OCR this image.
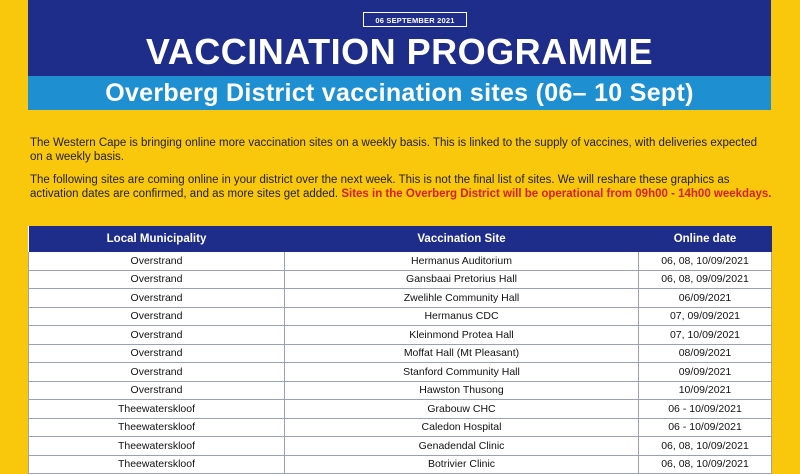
06 SEPTEMBER 2021
VACCINATION PROGRAMME
Overberg District vaccination sites (06– 10 Sept)

The Western Cape is bringing online more vaccination sites on a weekly basis. This is linked to the supply of vaccines, with deliveries expected on a weekly basis.

The following sites are coming online in your district over the next week. This is not the final list of sites. We will reshare these graphics as activation dates are confirmed, and as more sites get added. Sites in the Overberg District will be operational from 09h00 - 14h00 weekdays.

Local Municipality	Vaccination Site	Online date
Overstrand	Hermanus Auditorium	06, 08, 10/09/2021
Overstrand	Gansbaai Pretorius Hall	06, 08, 09/09/2021
Overstrand	Zwelihle Community Hall	06/09/2021
Overstrand	Hermanus CDC	07, 09/09/2021
Overstrand	Kleinmond Protea Hall	07, 10/09/2021
Overstrand	Moffat Hall (Mt Pleasant)	08/09/2021
Overstrand	Stanford Community Hall	09/09/2021
Overstrand	Hawston Thusong	10/09/2021
Theewaterskloof	Grabouw CHC	06 - 10/09/2021
Theewaterskloof	Caledon Hospital	06 - 10/09/2021
Theewaterskloof	Genadendal Clinic	06, 08, 10/09/2021
Theewaterskloof	Botrivier Clinic	06, 08, 10/09/2021
